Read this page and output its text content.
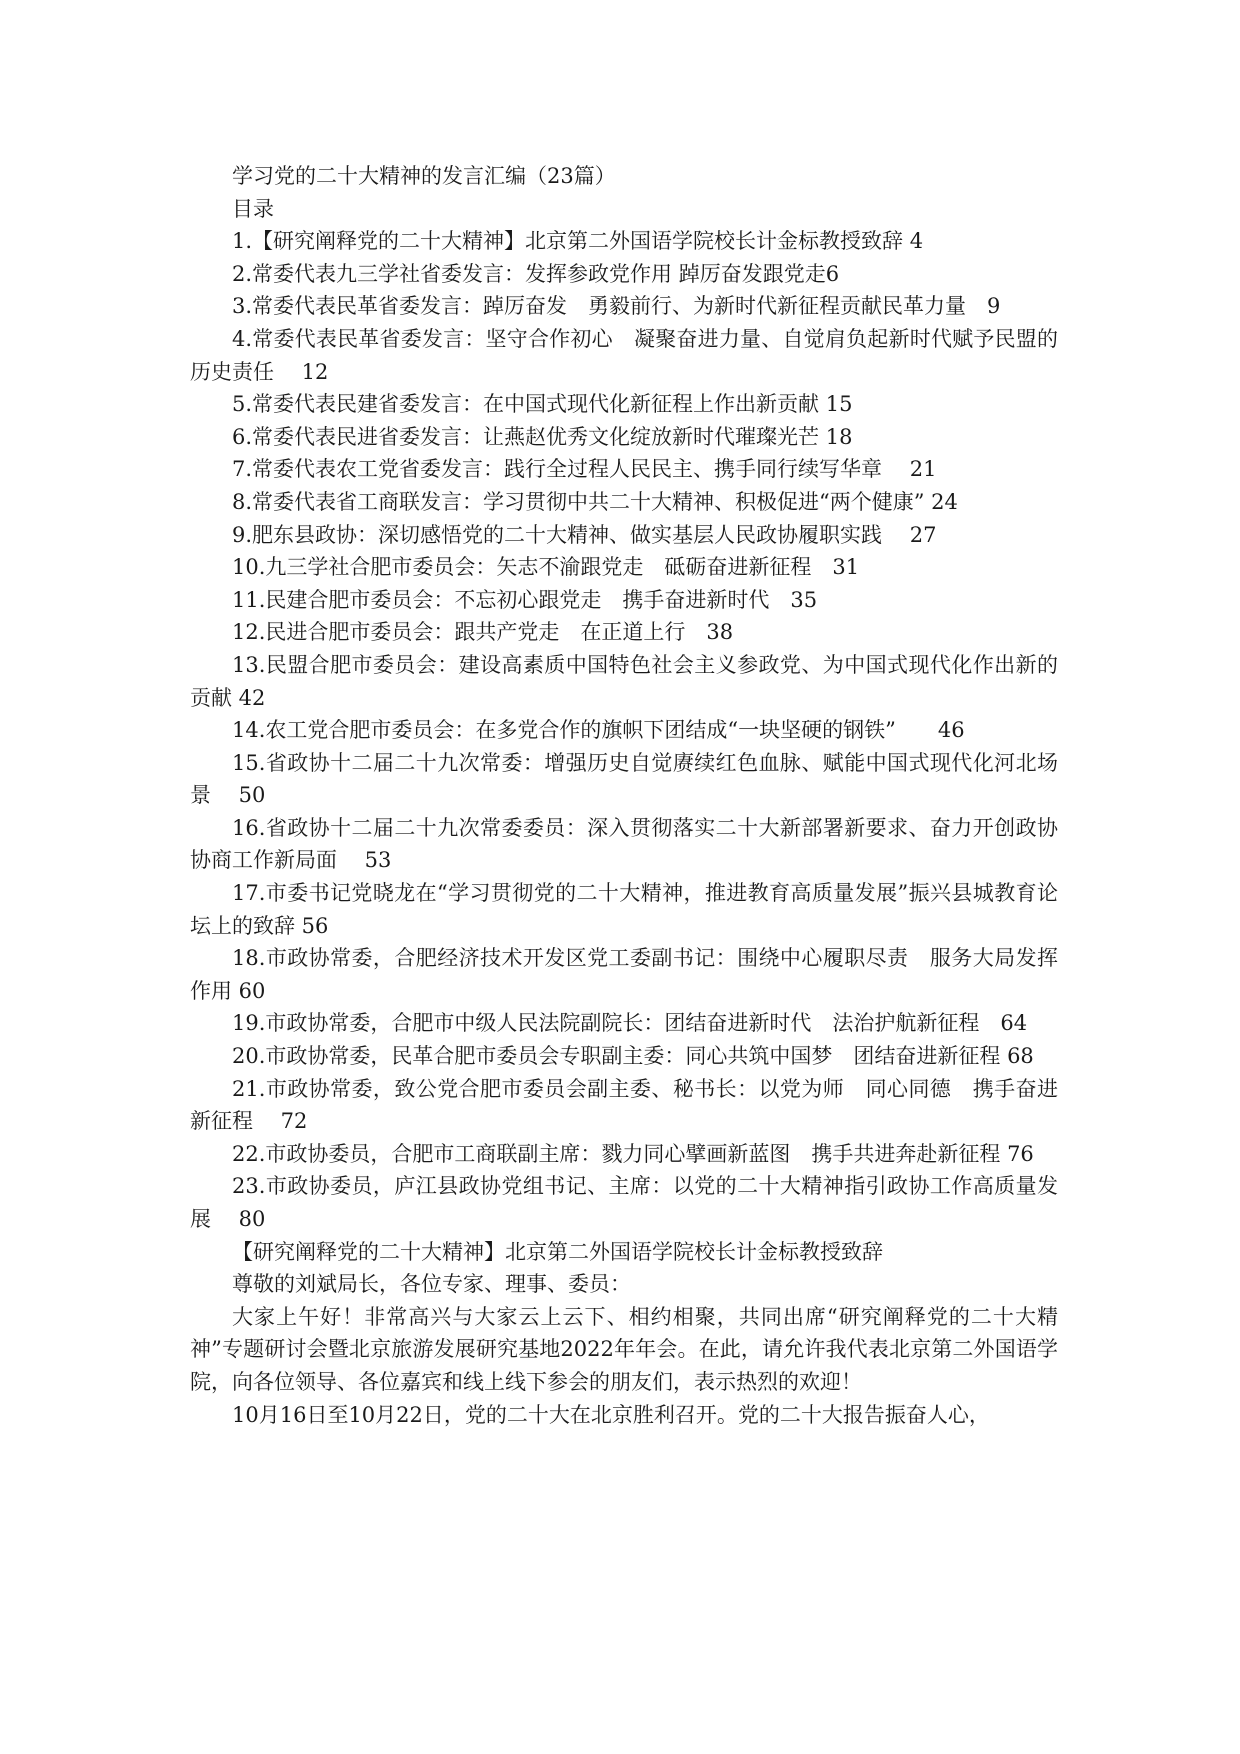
学习党的二十大精神的发言汇编（23篇）

目录

1.【研究阐释党的二十大精神】北京第二外国语学院校长计金标教授致辞 4

2.常委代表九三学社省委发言：发挥参政党作用 踔厉奋发跟党走6

3.常委代表民革省委发言：踔厉奋发　勇毅前行、为新时代新征程贡献民革力量　9

4.常委代表民革省委发言：坚守合作初心　凝聚奋进力量、自觉肩负起新时代赋予民盟的历史责任　 12

5.常委代表民建省委发言：在中国式现代化新征程上作出新贡献 15

6.常委代表民进省委发言：让燕赵优秀文化绽放新时代璀璨光芒 18

7.常委代表农工党省委发言：践行全过程人民民主、携手同行续写华章　 21

8.常委代表省工商联发言：学习贯彻中共二十大精神、积极促进“两个健康” 24

9.肥东县政协：深切感悟党的二十大精神、做实基层人民政协履职实践　 27

10.九三学社合肥市委员会：矢志不渝跟党走　砥砺奋进新征程　31

11.民建合肥市委员会：不忘初心跟党走　携手奋进新时代　35

12.民进合肥市委员会：跟共产党走　在正道上行　38

13.民盟合肥市委员会：建设高素质中国特色社会主义参政党、为中国式现代化作出新的贡献 42

14.农工党合肥市委员会：在多党合作的旗帜下团结成“一块坚硬的钢铁”　　46

15.省政协十二届二十九次常委：增强历史自觉赓续红色血脉、赋能中国式现代化河北场景　 50

16.省政协十二届二十九次常委委员：深入贯彻落实二十大新部署新要求、奋力开创政协协商工作新局面　 53

17.市委书记党晓龙在“学习贯彻党的二十大精神，推进教育高质量发展”振兴县城教育论坛上的致辞 56

18.市政协常委，合肥经济技术开发区党工委副书记：围绕中心履职尽责　服务大局发挥作用 60

19.市政协常委，合肥市中级人民法院副院长：团结奋进新时代　法治护航新征程　64

20.市政协常委，民革合肥市委员会专职副主委：同心共筑中国梦　团结奋进新征程 68

21.市政协常委，致公党合肥市委员会副主委、秘书长：以党为师　同心同德　携手奋进新征程　 72

22.市政协委员，合肥市工商联副主席：戮力同心擘画新蓝图　携手共进奔赴新征程 76

23.市政协委员，庐江县政协党组书记、主席：以党的二十大精神指引政协工作高质量发展　 80

【研究阐释党的二十大精神】北京第二外国语学院校长计金标教授致辞

尊敬的刘斌局长，各位专家、理事、委员：

大家上午好！非常高兴与大家云上云下、相约相聚，共同出席“研究阐释党的二十大精神”专题研讨会暨北京旅游发展研究基地2022年年会。在此，请允许我代表北京第二外国语学院，向各位领导、各位嘉宾和线上线下参会的朋友们，表示热烈的欢迎！

10月16日至10月22日，党的二十大在北京胜利召开。党的二十大报告振奋人心，
